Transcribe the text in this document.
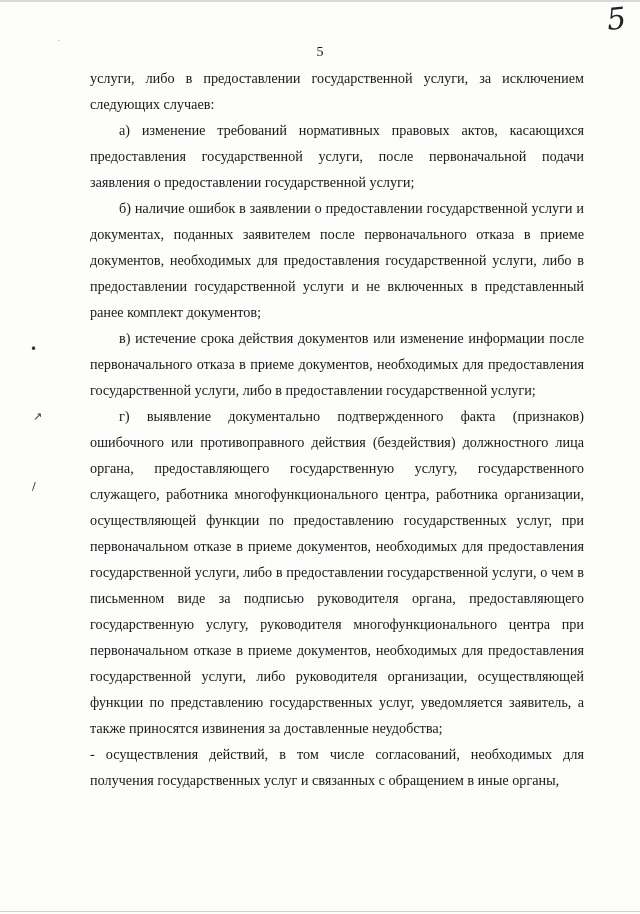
5
5
·
•
↗
/

услуги, либо в предоставлении государственной услуги, за исключением следующих случаев:

а) изменение требований нормативных правовых актов, касающихся предоставления государственной услуги, после первоначальной подачи заявления о предоставлении государственной услуги;

б) наличие ошибок в заявлении о предоставлении государственной услуги и документах, поданных заявителем после первоначального отказа в приеме документов, необходимых для предоставления государственной услуги, либо в предоставлении государственной услуги и не включенных в представленный ранее комплект документов;

в) истечение срока действия документов или изменение информации после первоначального отказа в приеме документов, необходимых для предоставления государственной услуги, либо в предоставлении государственной услуги;

г) выявление документально подтвержденного факта (признаков) ошибочного или противоправного действия (бездействия) должностного лица органа, предоставляющего государственную услугу, государственного служащего, работника многофункционального центра, работника организации, осуществляющей функции по предоставлению государственных услуг, при первоначальном отказе в приеме документов, необходимых для предоставления государственной услуги, либо в предоставлении государственной услуги, о чем в письменном виде за подписью руководителя органа, предоставляющего государственную услугу, руководителя многофункционального центра при первоначальном отказе в приеме документов, необходимых для предоставления государственной услуги, либо руководителя организации, осуществляющей функции по представлению государственных услуг, уведомляется заявитель, а также приносятся извинения за доставленные неудобства;

- осуществления действий, в том числе согласований, необходимых для получения государственных услуг и связанных с обращением в иные органы,
